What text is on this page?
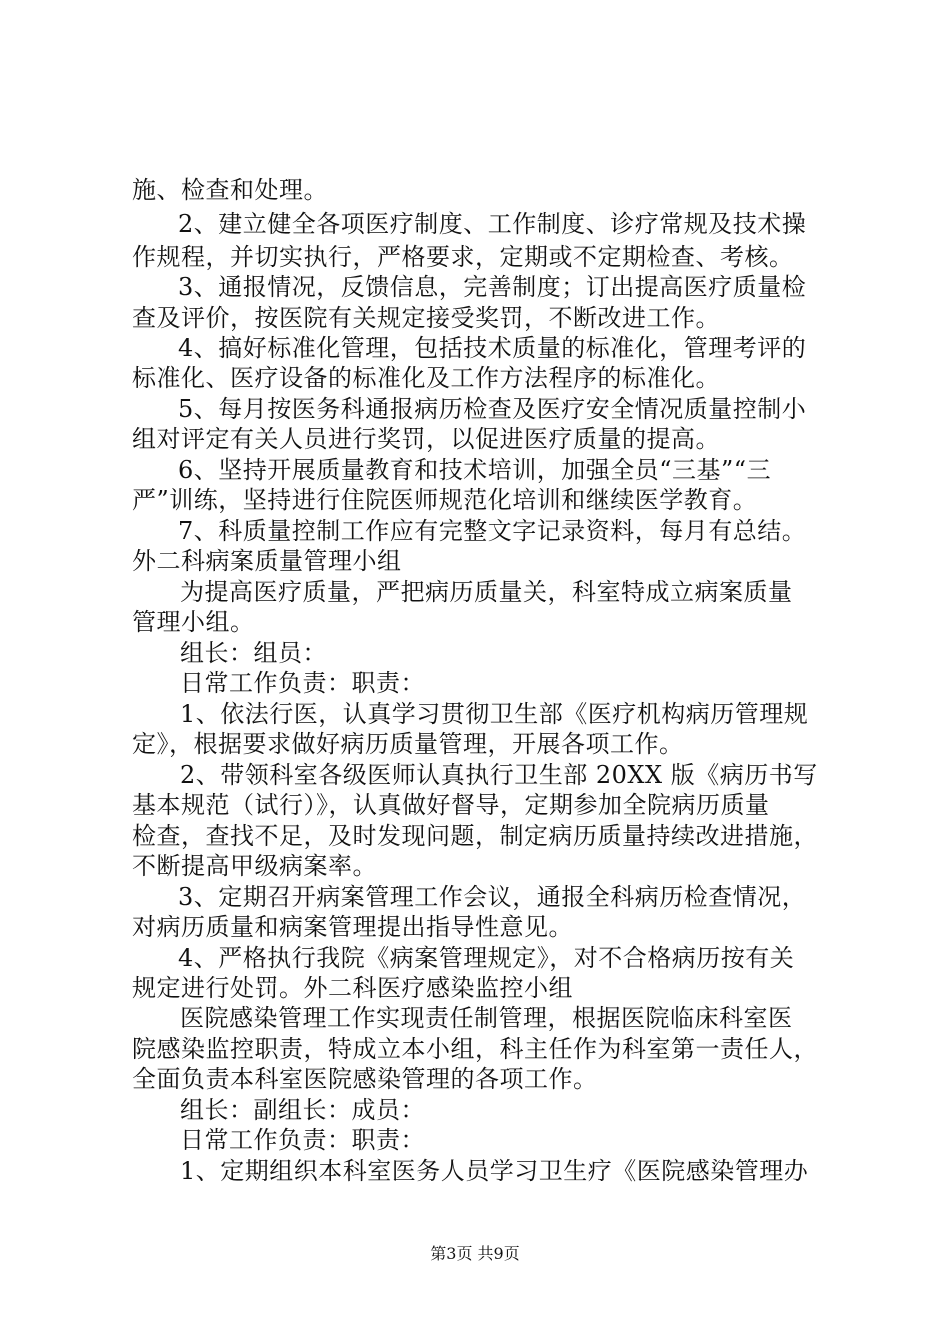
施、检查和处理。
2、建立健全各项医疗制度、工作制度、诊疗常规及技术操
作规程，并切实执行，严格要求，定期或不定期检查、考核。
3、通报情况，反馈信息，完善制度；订出提高医疗质量检
查及评价，按医院有关规定接受奖罚，不断改进工作。
4、搞好标准化管理，包括技术质量的标准化，管理考评的
标准化、医疗设备的标准化及工作方法程序的标准化。
5、每月按医务科通报病历检查及医疗安全情况质量控制小
组对评定有关人员进行奖罚，以促进医疗质量的提高。
6、坚持开展质量教育和技术培训，加强全员“三基”“三
严”训练，坚持进行住院医师规范化培训和继续医学教育。
7、科质量控制工作应有完整文字记录资料，每月有总结。
外二科病案质量管理小组
为提高医疗质量，严把病历质量关，科室特成立病案质量
管理小组。
组长：组员：
日常工作负责：职责：
1、依法行医，认真学习贯彻卫生部《医疗机构病历管理规
定》，根据要求做好病历质量管理，开展各项工作。
2、带领科室各级医师认真执行卫生部 20XX 版《病历书写
基本规范（试行）》，认真做好督导，定期参加全院病历质量
检查，查找不足，及时发现问题，制定病历质量持续改进措施，
不断提高甲级病案率。
3、定期召开病案管理工作会议，通报全科病历检查情况，
对病历质量和病案管理提出指导性意见。
4、严格执行我院《病案管理规定》，对不合格病历按有关
规定进行处罚。外二科医疗感染监控小组
医院感染管理工作实现责任制管理，根据医院临床科室医
院感染监控职责，特成立本小组，科主任作为科室第一责任人，
全面负责本科室医院感染管理的各项工作。
组长：副组长：成员：
日常工作负责：职责：
1、定期组织本科室医务人员学习卫生疗《医院感染管理办
第3页 共9页
